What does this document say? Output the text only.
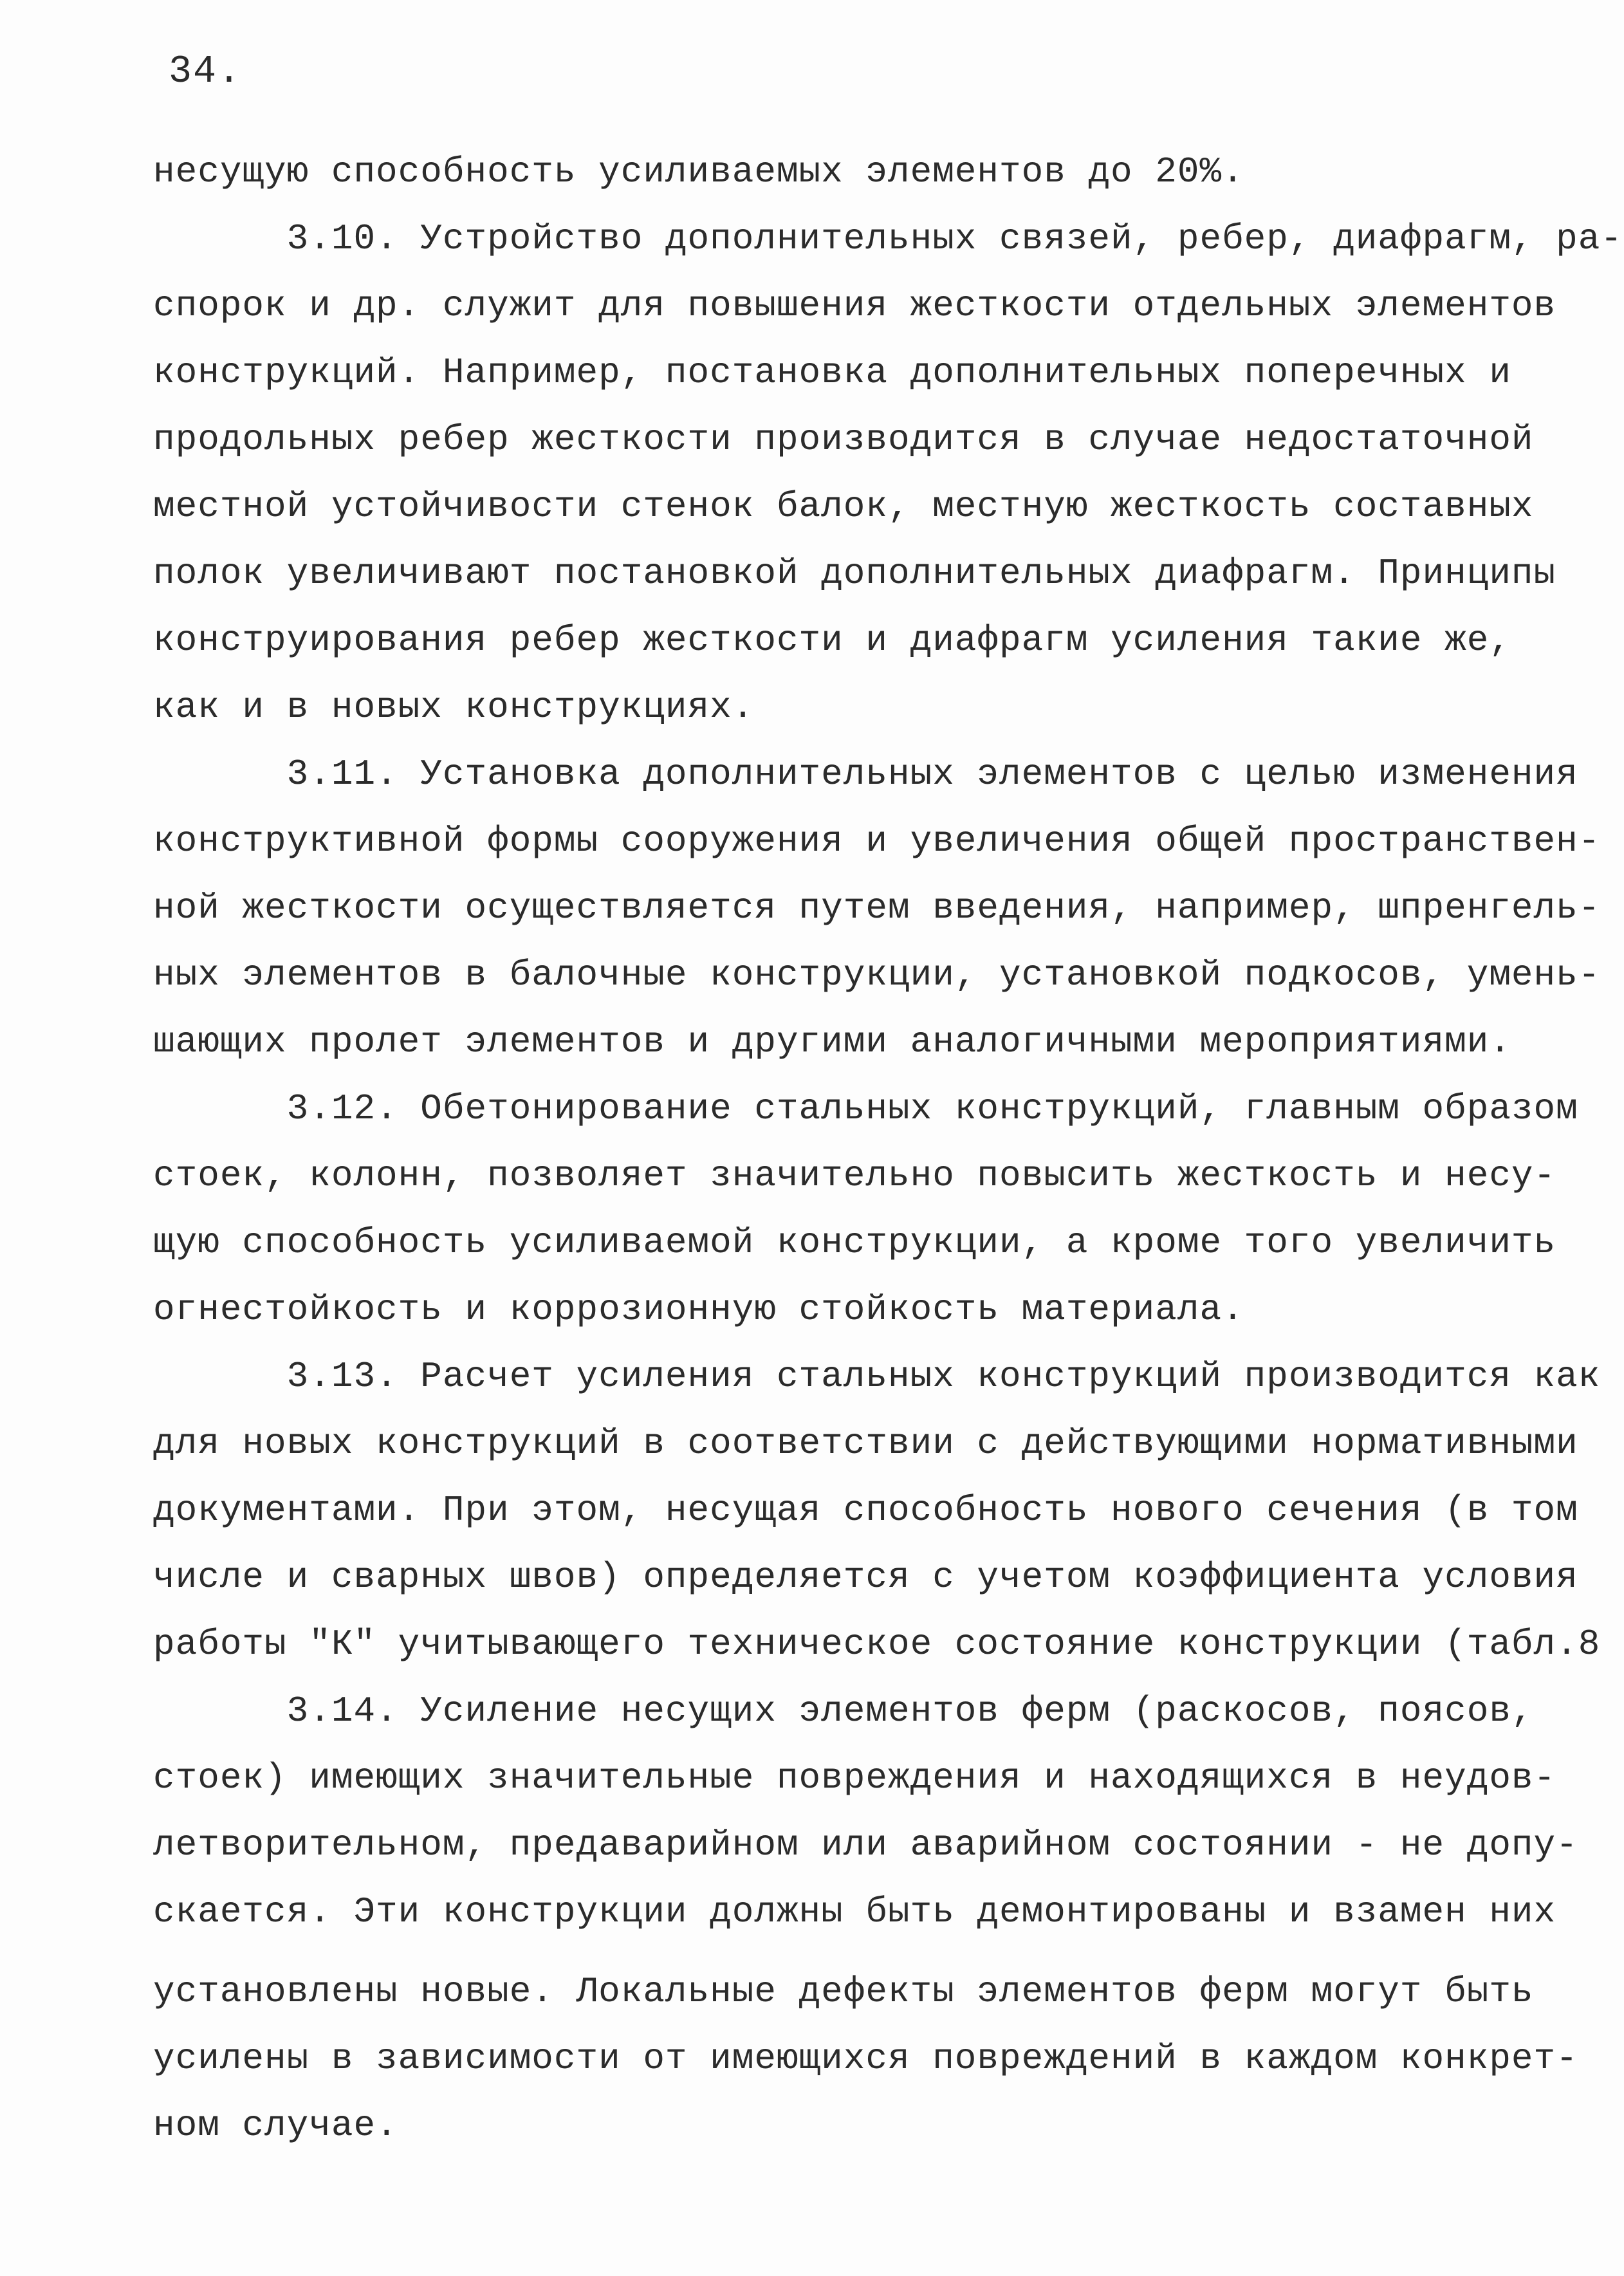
34.
несущую способность усиливаемых элементов до 20%.
3.10. Устройство дополнительных связей, ребер, диафрагм, ра-
спорок и др. служит для повышения жесткости отдельных элементов
конструкций. Например, постановка дополнительных поперечных и
продольных ребер жесткости производится в случае недостаточной
местной устойчивости стенок балок, местную жесткость составных
полок увеличивают постановкой дополнительных диафрагм. Принципы
конструирования ребер жесткости и диафрагм усиления такие же,
как и в новых конструкциях.
3.11. Установка дополнительных элементов с целью изменения
конструктивной формы сооружения и увеличения общей пространствен-
ной жесткости осуществляется путем введения, например, шпренгель-
ных элементов в балочные конструкции, установкой подкосов, умень-
шающих пролет элементов и другими аналогичными мероприятиями.
3.12. Обетонирование стальных конструкций, главным образом
стоек, колонн, позволяет значительно повысить жесткость и несу-
щую способность усиливаемой конструкции, а кроме того увеличить
огнестойкость и коррозионную стойкость материала.
3.13. Расчет усиления стальных конструкций производится как
для новых конструкций в соответствии с действующими нормативными
документами. При этом, несущая способность нового сечения (в том
числе и сварных швов) определяется с учетом коэффициента условия
работы "К" учитывающего техническое состояние конструкции (табл.8
3.14. Усиление несущих элементов ферм (раскосов, поясов,
стоек) имеющих значительные повреждения и находящихся в неудов-
летворительном, предаварийном или аварийном состоянии - не допу-
скается. Эти конструкции должны быть демонтированы и взамен них
установлены новые. Локальные дефекты элементов ферм могут быть
усилены в зависимости от имеющихся повреждений в каждом конкрет-
ном случае.
